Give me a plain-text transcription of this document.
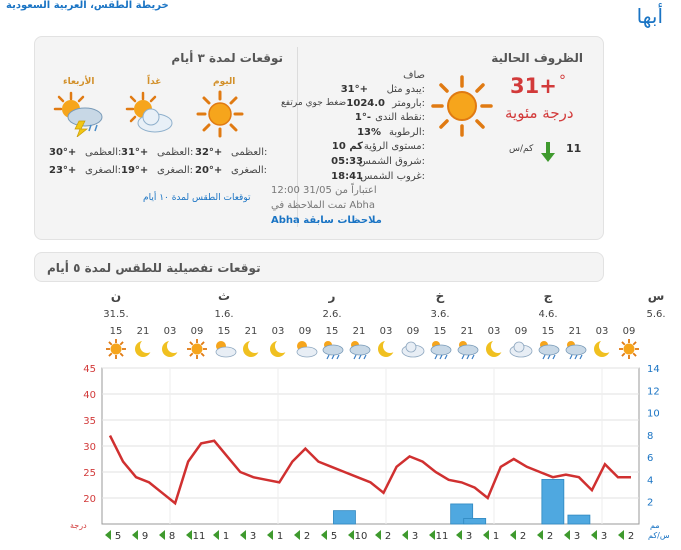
خريطة الطقس، العربية السعودية	أبها
توقعات لمدة ٣ أيام
اليوم
غداً
الأربعاء
32°+ العظمى:
20°+ الصغرى:
31°+ العظمى:
19°+ الصغرى:
30°+ العظمى:
23°+ الصغرى:
توقعات الطقس لمدة ١٠ أيام
الظروف الحالية
31+ °
درجة مئوية
11
كم/س
صاف
يبدو مثل:
31°+
بارومتر:
1024.0
ضغط جوي مرتفع
نقطة الندى:
1°-
الرطوبة:
13%
مستوى الرؤية:
10 كم
شروق الشمس:
05:33
غروب الشمس:
18:41
اعتباراً من 31/05 12:00
تمت الملاحظة في Abha
Abha ملاحظات سابقة
توقعات تفصيلية للطقس لمدة ٥ أيام
ن	ث	ر	خ	ج	س
31.5.	1.6.	2.6.	3.6.	4.6.	5.6.
15 21 03 09 15 21 03 09 15 21 03 09 15 21 03 09 15 21 03 09
20
25
30
35
40
45
2
4
6
8
10
12
14
درجة	مم
س/كم
5 9 8 11 1 3 1 2 5 10 2 3 11 3 1 2 2 3 3 2
